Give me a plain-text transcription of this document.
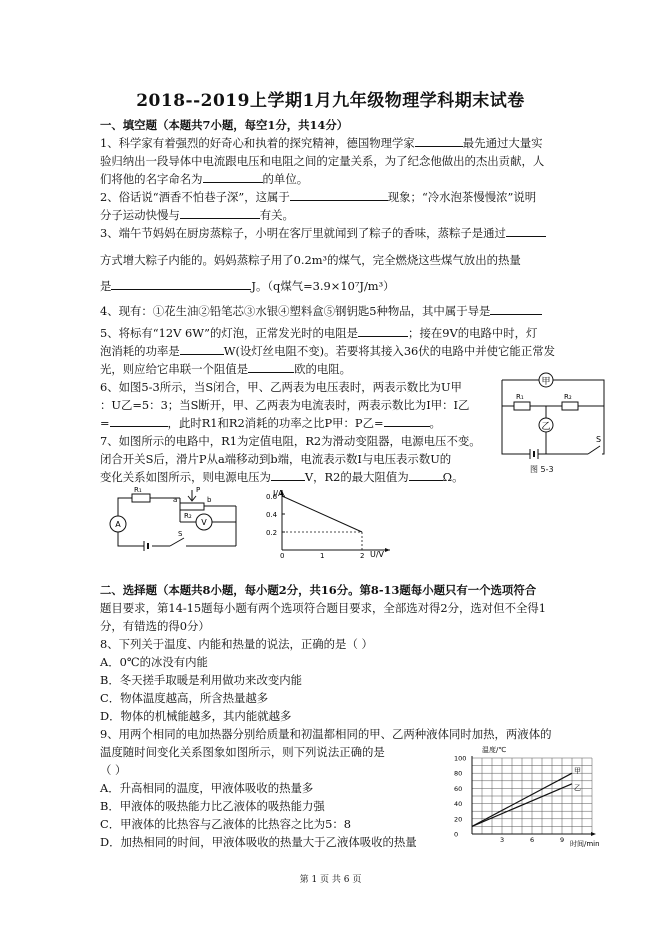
2018--2019上学期1月九年级物理学科期末试卷
一、填空题（本题共7小题，每空1分，共14分）
1、科学家有着强烈的好奇心和执着的探究精神，德国物理学家	最先通过大量实
验归纳出一段导体中电流跟电压和电阻之间的定量关系，为了纪念他做出的杰出贡献，人
们将他的名字命名为	的单位。
2、俗话说“酒香不怕巷子深”，这属于	现象；“冷水泡茶慢慢浓”说明
分子运动快慢与	有关。
3、端午节妈妈在厨房蒸粽子，小明在客厅里就闻到了粽子的香味，蒸粽子是通过
方式增大粽子内能的。妈妈蒸粽子用了0.2m³的煤气，完全燃烧这些煤气放出的热量
是	J。（q煤气=3.9×10⁷J/m³）
4、现有：①花生油②铅笔芯③水银④塑料盒⑤钢钥匙5种物品，其中属于导是
5、将标有“12V 6W”的灯泡，正常发光时的电阻是	；接在9V的电路中时，灯
泡消耗的功率是	W(设灯丝电阻不变)。若要将其接入36伏的电路中并使它能正常发
光，则应给它串联一个阻值是	欧的电阻。
6、如图5-3所示，当S闭合，甲、乙两表为电压表时，两表示数比为U甲
：U乙=5：3；当S断开，甲、乙两表为电流表时，两表示数比为I甲：I乙
=	，此时R1和R2消耗的功率之比P甲：P乙=	。
7、如图所示的电路中，R1为定值电阻，R2为滑动变阻器，电源电压不变。
闭合开关S后，滑片P从a端移动到b端，电流表示数I与电压表示数U的
变化关系如图所示，则电源电压为	V，R2的最大阻值为	Ω。
甲
乙
R₁	R₂
S
图 5-3
R₁
R₂
P
a	b
A	V
S
I/A
U/V
0	1	2
0.2
0.4
0.6
二、选择题（本题共8小题，每小题2分，共16分。第8-13题每小题只有一个选项符合
题目要求，第14-15题每小题有两个选项符合题目要求，全部选对得2分，选对但不全得1
分，有错选的得0分）
8、下列关于温度、内能和热量的说法，正确的是（ ）
A．0℃的冰没有内能
B．冬天搓手取暖是利用做功来改变内能
C．物体温度越高，所含热量越多
D．物体的机械能越多，其内能就越多
9、用两个相同的电加热器分别给质量和初温都相同的甲、乙两种液体同时加热，两液体的
温度随时间变化关系图象如图所示，则下列说法正确的是
（ ）
A．升高相同的温度，甲液体吸收的热量多
B．甲液体的吸热能力比乙液体的吸热能力强
C．甲液体的比热容与乙液体的比热容之比为5：8
D．加热相同的时间，甲液体吸收的热量大于乙液体吸收的热量
温度/℃
时间/min
0
20
40
60
80
100
3	6	9
甲
乙
第 1 页 共 6 页
